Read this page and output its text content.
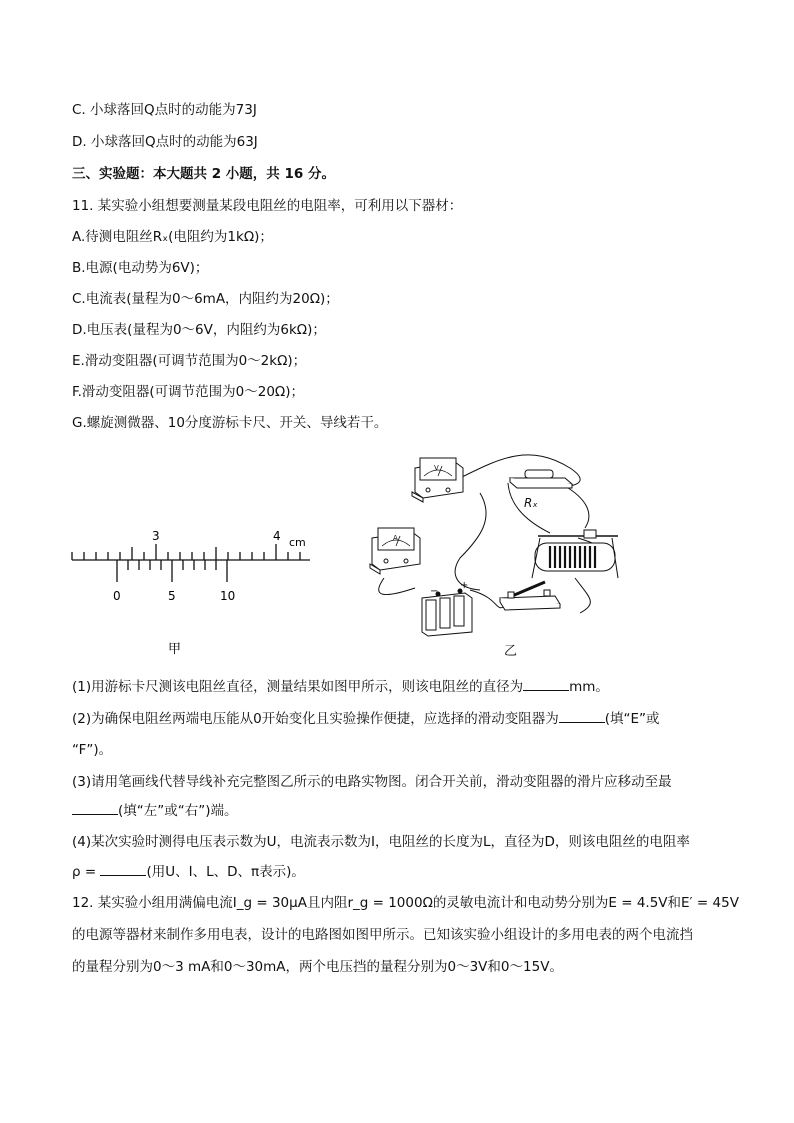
C. 小球落回Q点时的动能为73J
D. 小球落回Q点时的动能为63J
三、实验题：本大题共 2 小题，共 16 分。
11. 某实验小组想要测量某段电阻丝的电阻率，可利用以下器材：
A.待测电阻丝Rₓ(电阻约为1kΩ)；
B.电源(电动势为6V)；
C.电流表(量程为0～6mA，内阻约为20Ω)；
D.电压表(量程为0～6V，内阻约为6kΩ)；
E.滑动变阻器(可调节范围为0～2kΩ)；
F.滑动变阻器(可调节范围为0～20Ω)；
G.螺旋测微器、10分度游标卡尺、开关、导线若干。
3	4 cm
0	5	10
甲
V
Rₓ
A
−
+
乙
(1)用游标卡尺测该电阻丝直径，测量结果如图甲所示，则该电阻丝的直径为	mm。
(2)为确保电阻丝两端电压能从0开始变化且实验操作便捷，应选择的滑动变阻器为	(填“E”或
“F”)。
(3)请用笔画线代替导线补充完整图乙所示的电路实物图。闭合开关前，滑动变阻器的滑片应移动至最
(填“左”或“右”)端。
(4)某次实验时测得电压表示数为U，电流表示数为I，电阻丝的长度为L，直径为D，则该电阻丝的电阻率
ρ =	(用U、I、L、D、π表示)。
12. 某实验小组用满偏电流I_g = 30μA且内阻r_g = 1000Ω的灵敏电流计和电动势分别为E = 4.5V和E′ = 45V
的电源等器材来制作多用电表，设计的电路图如图甲所示。已知该实验小组设计的多用电表的两个电流挡
的量程分别为0～3 mA和0～30mA，两个电压挡的量程分别为0～3V和0～15V。
